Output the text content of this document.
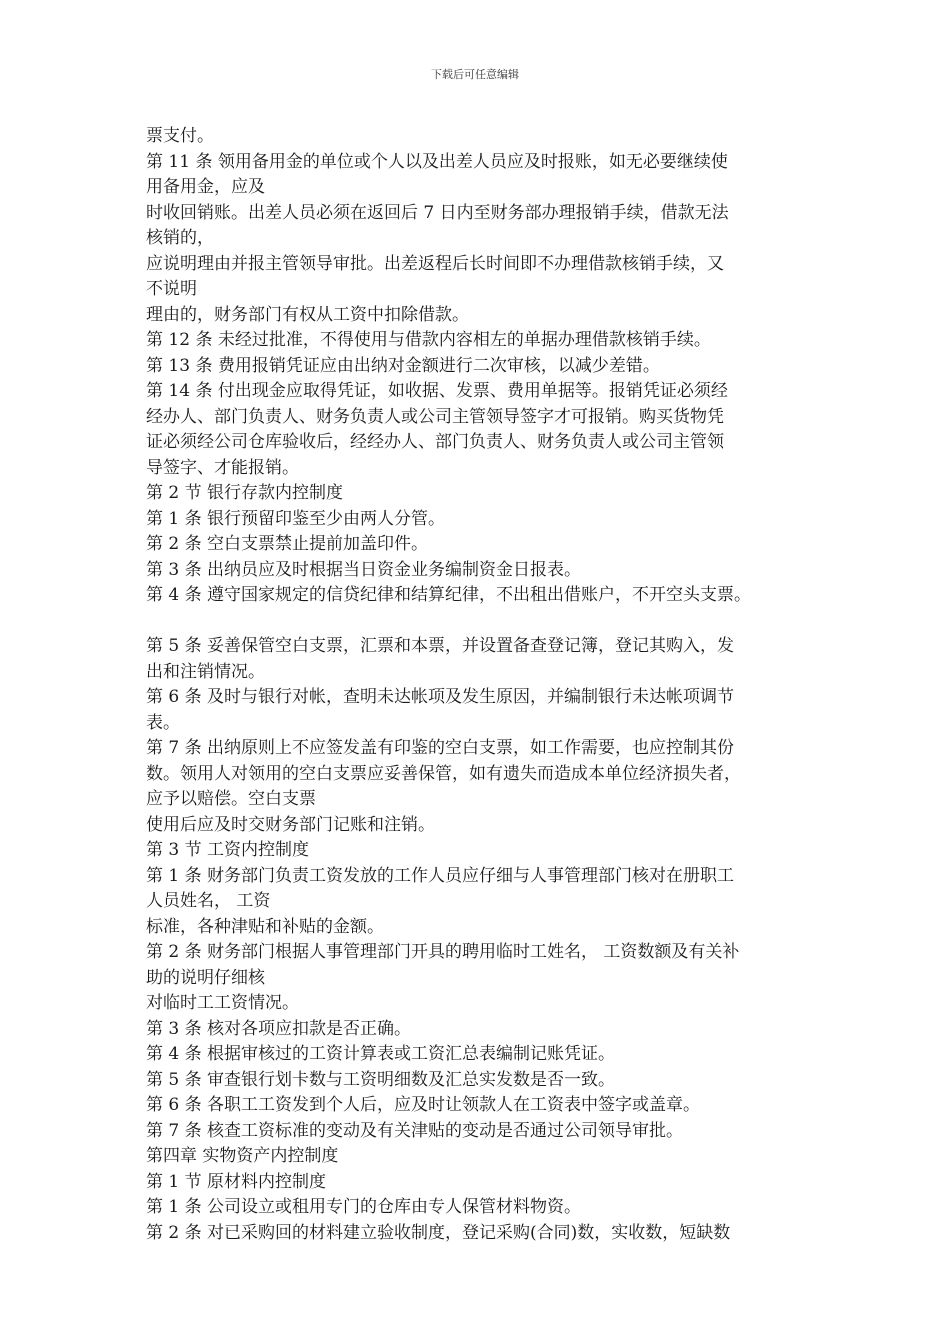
下载后可任意编辑
票支付。
第 11 条 领用备用金的单位或个人以及出差人员应及时报账，如无必要继续使
用备用金，应及
时收回销账。出差人员必须在返回后 7 日内至财务部办理报销手续，借款无法
核销的，
应说明理由并报主管领导审批。出差返程后长时间即不办理借款核销手续，又
不说明
理由的，财务部门有权从工资中扣除借款。
第 12 条 未经过批准，不得使用与借款内容相左的单据办理借款核销手续。
第 13 条 费用报销凭证应由出纳对金额进行二次审核，以减少差错。
第 14 条 付出现金应取得凭证，如收据、发票、费用单据等。报销凭证必须经
经办人、部门负责人、财务负责人或公司主管领导签字才可报销。购买货物凭
证必须经公司仓库验收后，经经办人、部门负责人、财务负责人或公司主管领
导签字、才能报销。
第 2 节 银行存款内控制度
第 1 条 银行预留印鉴至少由两人分管。
第 2 条 空白支票禁止提前加盖印件。
第 3 条 出纳员应及时根据当日资金业务编制资金日报表。
第 4 条 遵守国家规定的信贷纪律和结算纪律，不出租出借账户，不开空头支票。
第 5 条 妥善保管空白支票，汇票和本票，并设置备查登记簿，登记其购入，发
出和注销情况。
第 6 条 及时与银行对帐，查明未达帐项及发生原因，并编制银行未达帐项调节
表。
第 7 条 出纳原则上不应签发盖有印鉴的空白支票，如工作需要，也应控制其份
数。领用人对领用的空白支票应妥善保管，如有遗失而造成本单位经济损失者，
应予以赔偿。空白支票
使用后应及时交财务部门记账和注销。
第 3 节 工资内控制度
第 1 条 财务部门负责工资发放的工作人员应仔细与人事管理部门核对在册职工
人员姓名， 工资
标准，各种津贴和补贴的金额。
第 2 条 财务部门根据人事管理部门开具的聘用临时工姓名， 工资数额及有关补
助的说明仔细核
对临时工工资情况。
第 3 条 核对各项应扣款是否正确。
第 4 条 根据审核过的工资计算表或工资汇总表编制记账凭证。
第 5 条 审查银行划卡数与工资明细数及汇总实发数是否一致。
第 6 条 各职工工资发到个人后，应及时让领款人在工资表中签字或盖章。
第 7 条 核查工资标准的变动及有关津贴的变动是否通过公司领导审批。
第四章 实物资产内控制度
第 1 节 原材料内控制度
第 1 条 公司设立或租用专门的仓库由专人保管材料物资。
第 2 条 对已采购回的材料建立验收制度，登记采购(合同)数，实收数，短缺数
